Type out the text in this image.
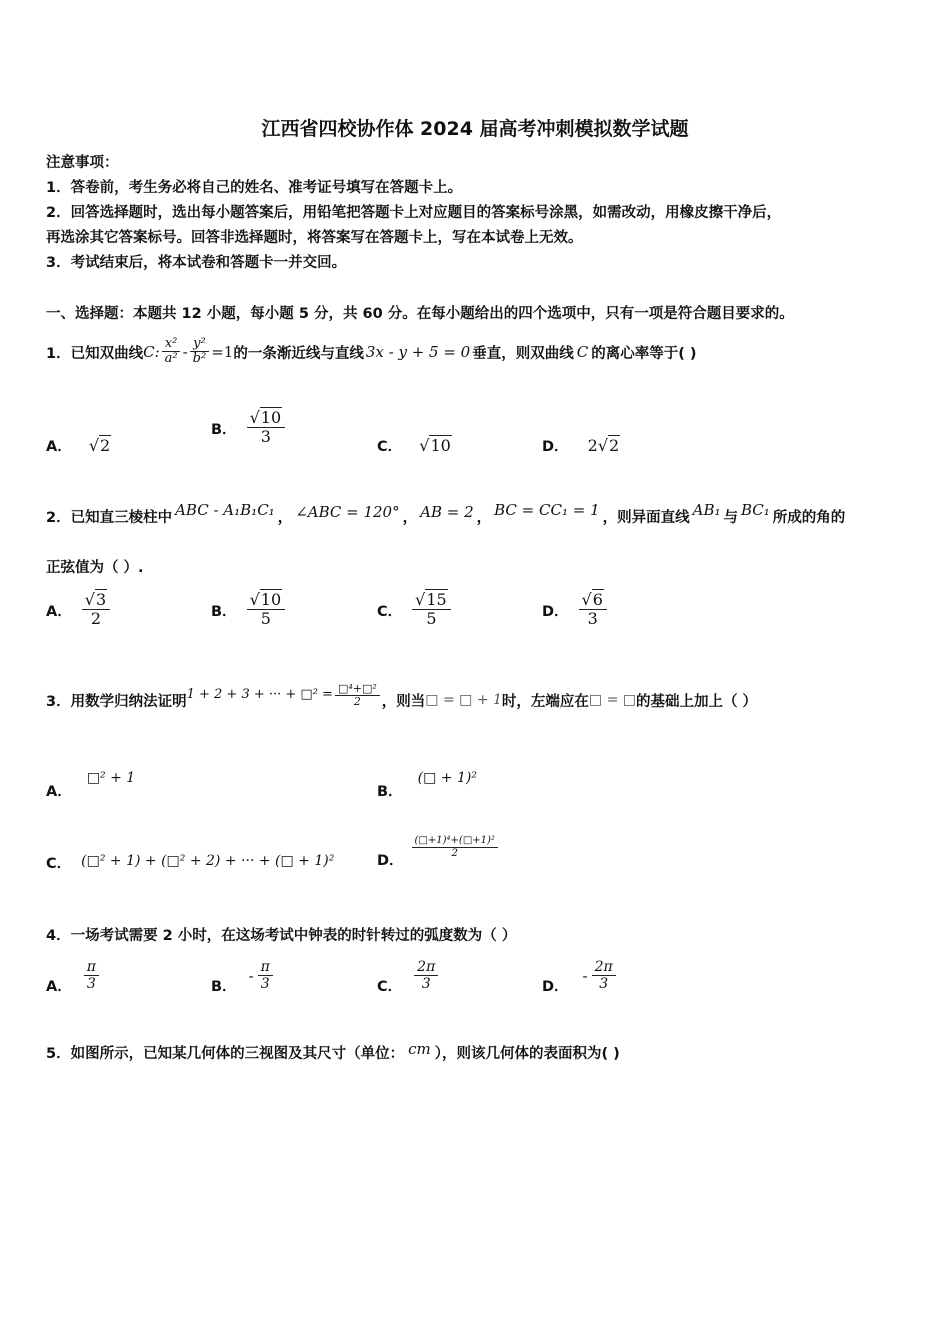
江西省四校协作体 2024 届高考冲刺模拟数学试题
注意事项：
1．答卷前，考生务必将自己的姓名、准考证号填写在答题卡上。
2．回答选择题时，选出每小题答案后，用铅笔把答题卡上对应题目的答案标号涂黑，如需改动，用橡皮擦干净后，
再选涂其它答案标号。回答非选择题时，将答案写在答题卡上，写在本试卷上无效。
3．考试结束后，将本试卷和答题卡一并交回。
一、选择题：本题共 12 小题，每小题 5 分，共 60 分。在每小题给出的四个选项中，只有一项是符合题目要求的。
1．已知双曲线 C: $\frac{\text{x²}}{\text{a²}} - \frac{\text{y²}}{\text{b²}} =1$ 的一条渐近线与直线 3x - y + 5 = 0 垂直，则双曲线 C 的离心率等于( )
A． √2
B． $\frac{√10}{3}$
C． √10	D． 2√2
2．已知直三棱柱中 ABC - A₁B₁C₁ ， ∠ABC = 120° ， AB = 2 ， BC = CC₁ = 1 ，则异面直线 AB₁ 与 BC₁ 所成的角的
正弦值为（ ）.
A． $\frac{√3}{2}$	B． $\frac{√10}{5}$	C． $\frac{√15}{5}$	D． $\frac{√6}{3}$
3．用数学归纳法证明 1 + 2 + 3 + ··· + □² = $\frac{\text{□⁴+□²}}{2}$ ，则当 □ = □ + 1 时，左端应在 □ = □ 的基础上加上（ ）
A． □² + 1
B． (□ + 1)²
C． (□² + 1) + (□² + 2) + ··· + (□ + 1)²	D．
$\frac{\text{(□+1)⁴+(□+1)²}}{2}$
4．一场考试需要 2 小时，在这场考试中钟表的时针转过的弧度数为（ ）
A． $\frac{\pi}{3}$	B．
- $\frac{\pi}{3}$	C． $\frac{2\pi}{3}$	D．
- $\frac{2\pi}{3}$
5．如图所示，已知某几何体的三视图及其尺寸（单位： cm ），则该几何体的表面积为( )
